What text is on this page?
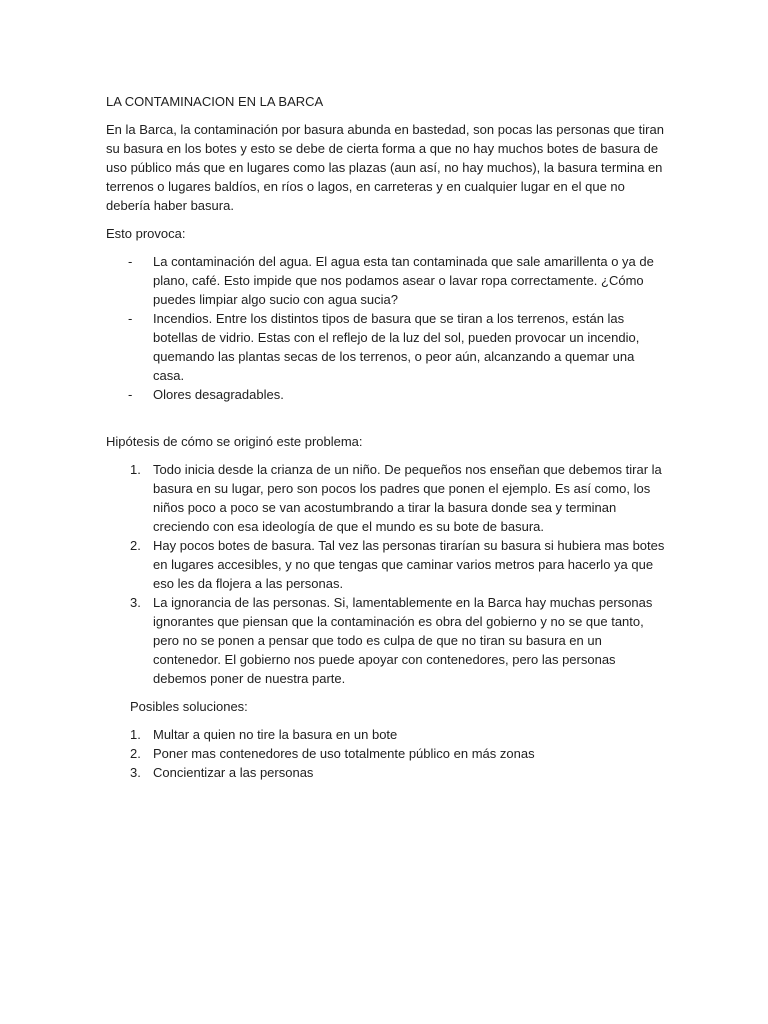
LA CONTAMINACION EN LA BARCA

En la Barca, la contaminación por basura abunda en bastedad, son pocas las personas que tiran su basura en los botes y esto se debe de cierta forma a que no hay muchos botes de basura de uso público más que en lugares como las plazas (aun así, no hay muchos), la basura termina en terrenos o lugares baldíos, en ríos o lagos, en carreteras y en cualquier lugar en el que no debería haber basura.

Esto provoca:

- La contaminación del agua. El agua esta tan contaminada que sale amarillenta o ya de plano, café. Esto impide que nos podamos asear o lavar ropa correctamente. ¿Cómo puedes limpiar algo sucio con agua sucia?
- Incendios. Entre los distintos tipos de basura que se tiran a los terrenos, están las botellas de vidrio. Estas con el reflejo de la luz del sol, pueden provocar un incendio, quemando las plantas secas de los terrenos, o peor aún, alcanzando a quemar una casa.
- Olores desagradables.

Hipótesis de cómo se originó este problema:

1. Todo inicia desde la crianza de un niño. De pequeños nos enseñan que debemos tirar la basura en su lugar, pero son pocos los padres que ponen el ejemplo. Es así como, los niños poco a poco se van acostumbrando a tirar la basura donde sea y terminan creciendo con esa ideología de que el mundo es su bote de basura.
2. Hay pocos botes de basura. Tal vez las personas tirarían su basura si hubiera mas botes en lugares accesibles, y no que tengas que caminar varios metros para hacerlo ya que eso les da flojera a las personas.
3. La ignorancia de las personas. Si, lamentablemente en la Barca hay muchas personas ignorantes que piensan que la contaminación es obra del gobierno y no se que tanto, pero no se ponen a pensar que todo es culpa de que no tiran su basura en un contenedor. El gobierno nos puede apoyar con contenedores, pero las personas debemos poner de nuestra parte.

Posibles soluciones:

1. Multar a quien no tire la basura en un bote
2. Poner mas contenedores de uso totalmente público en más zonas
3. Concientizar a las personas
